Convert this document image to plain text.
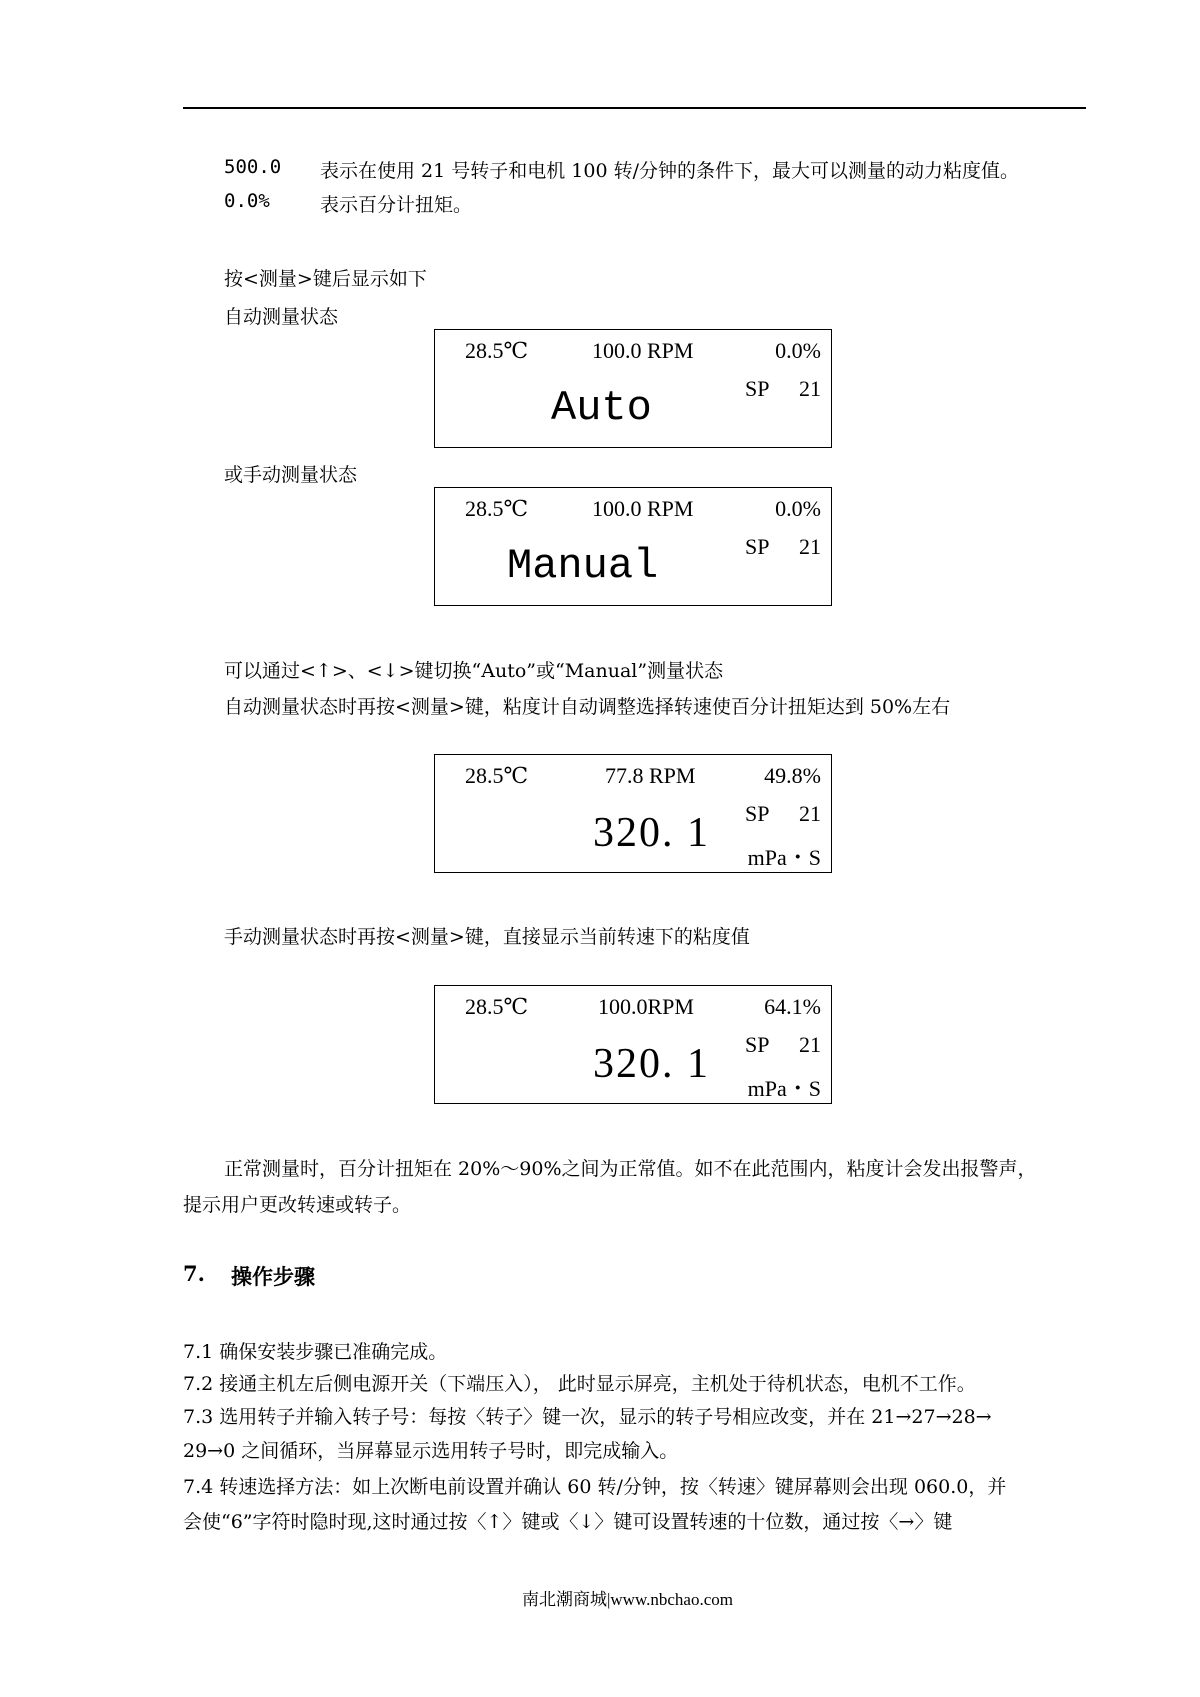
500.0 表示在使用 21 号转子和电机 100 转/分钟的条件下，最大可以测量的动力粘度值。
0.0%	表示百分计扭矩。
按<测量>键后显示如下
自动测量状态
28.5℃	100.0 RPM	0.0%
SP 21
Auto
或手动测量状态
28.5℃	100.0 RPM	0.0%
SP 21
Manual
可以通过<↑>、<↓>键切换“Auto”或“Manual”测量状态
自动测量状态时再按<测量>键，粘度计自动调整选择转速使百分计扭矩达到 50%左右
28.5℃	77.8 RPM	49.8%
SP 21
320. 1
mPa・S
手动测量状态时再按<测量>键，直接显示当前转速下的粘度值
28.5℃	100.0RPM	64.1%
SP 21
320. 1
mPa・S
正常测量时，百分计扭矩在 20%～90%之间为正常值。如不在此范围内，粘度计会发出报警声，
提示用户更改转速或转子。
7. 操作步骤
7.1 确保安装步骤已准确完成。
7.2 接通主机左后侧电源开关（下端压入）， 此时显示屏亮，主机处于待机状态，电机不工作。
7.3 选用转子并输入转子号：每按〈转子〉键一次，显示的转子号相应改变，并在 21→27→28→
29→0 之间循环，当屏幕显示选用转子号时，即完成输入。
7.4 转速选择方法：如上次断电前设置并确认 60 转/分钟，按〈转速〉键屏幕则会出现 060.0，并
会使“6”字符时隐时现,这时通过按〈↑〉键或〈↓〉键可设置转速的十位数，通过按〈→〉键
南北潮商城|www.nbchao.com
